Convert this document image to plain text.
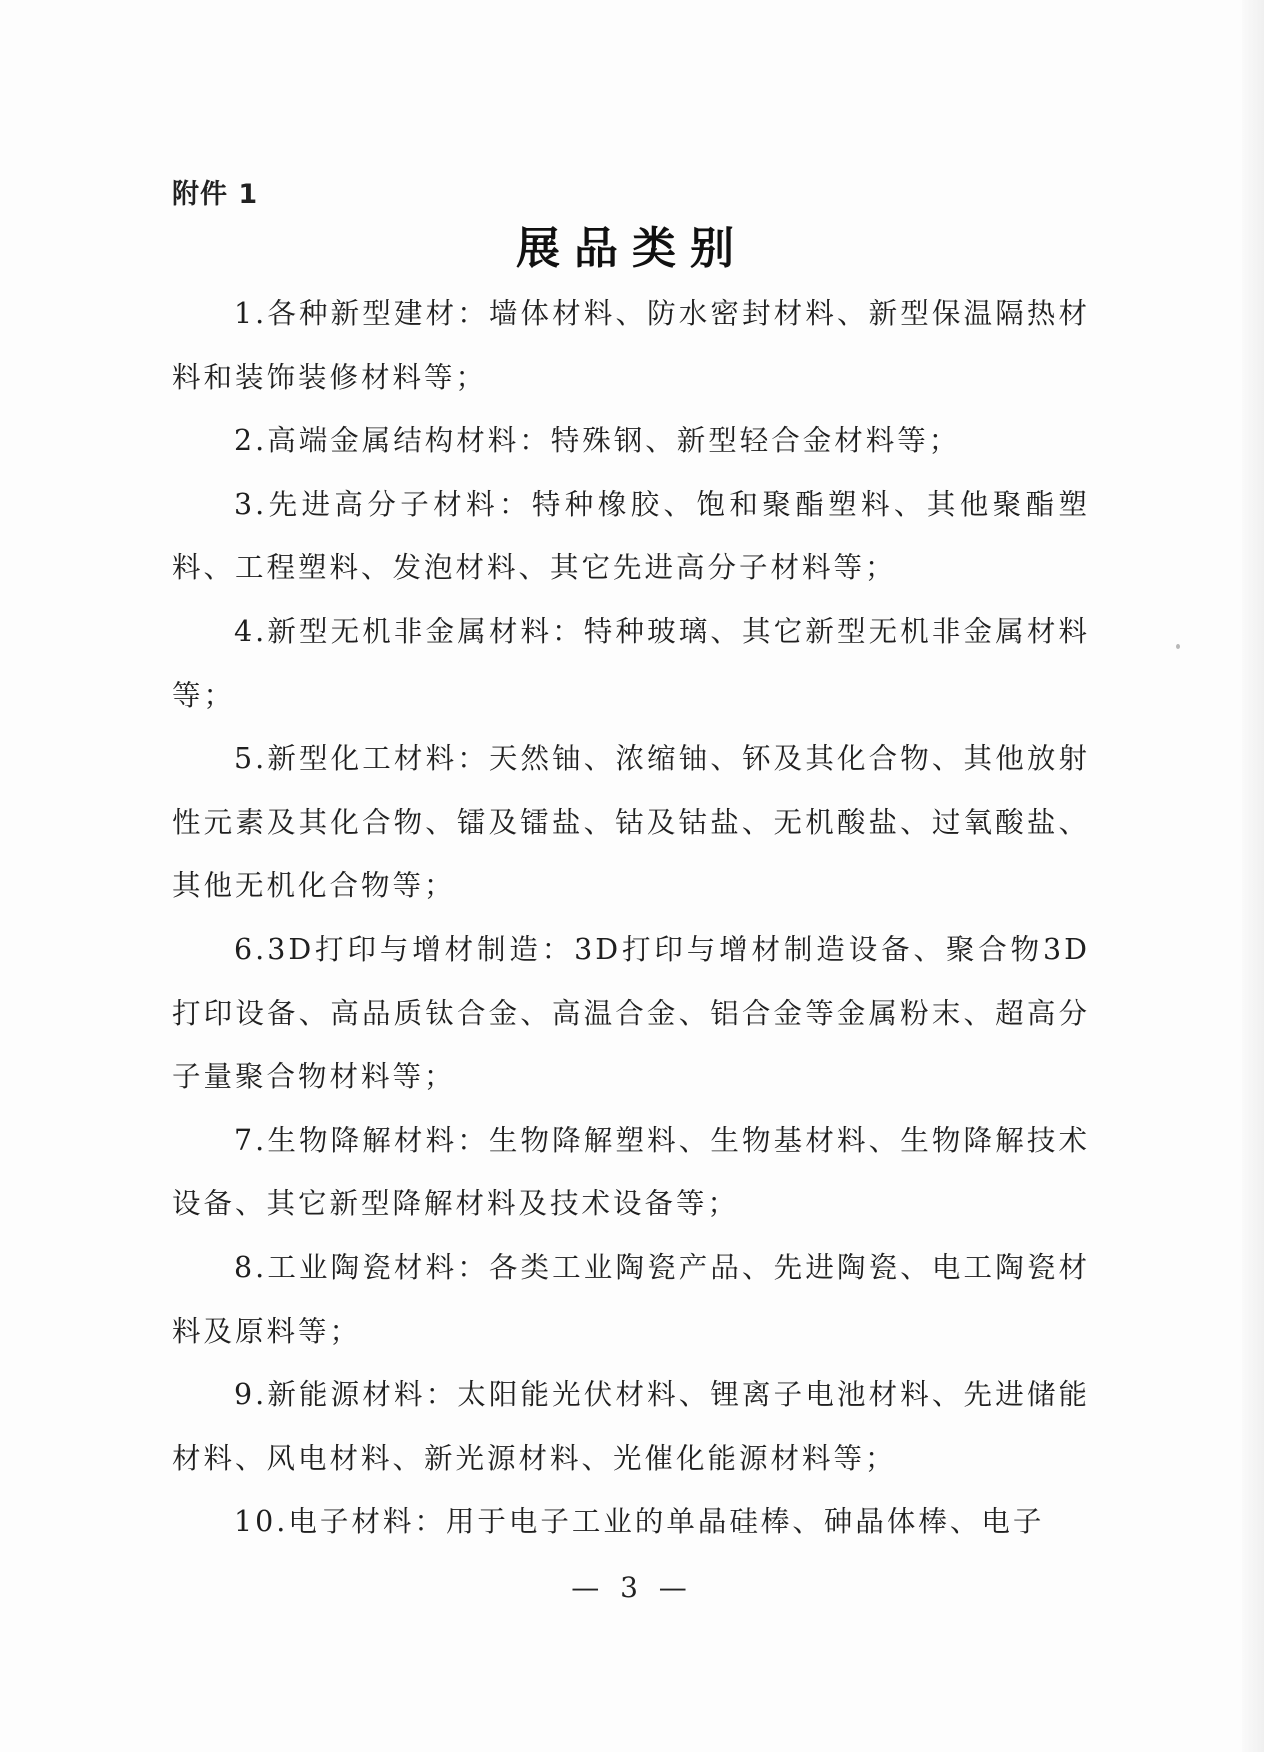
附件 1
展品类别

1.各种新型建材：墙体材料、防水密封材料、新型保温隔热材料和装饰装修材料等；

2.高端金属结构材料：特殊钢、新型轻合金材料等；

3.先进高分子材料：特种橡胶、饱和聚酯塑料、其他聚酯塑料、工程塑料、发泡材料、其它先进高分子材料等；

4.新型无机非金属材料：特种玻璃、其它新型无机非金属材料等；

5.新型化工材料：天然铀、浓缩铀、钚及其化合物、其他放射性元素及其化合物、镭及镭盐、钴及钴盐、无机酸盐、过氧酸盐、其他无机化合物等；

6.3D打印与增材制造：3D打印与增材制造设备、聚合物3D打印设备、高品质钛合金、高温合金、铝合金等金属粉末、超高分子量聚合物材料等；

7.生物降解材料：生物降解塑料、生物基材料、生物降解技术设备、其它新型降解材料及技术设备等；

8.工业陶瓷材料：各类工业陶瓷产品、先进陶瓷、电工陶瓷材料及原料等；

9.新能源材料：太阳能光伏材料、锂离子电池材料、先进储能材料、风电材料、新光源材料、光催化能源材料等；

10.电子材料：用于电子工业的单晶硅棒、砷晶体棒、电子

— 3 —
